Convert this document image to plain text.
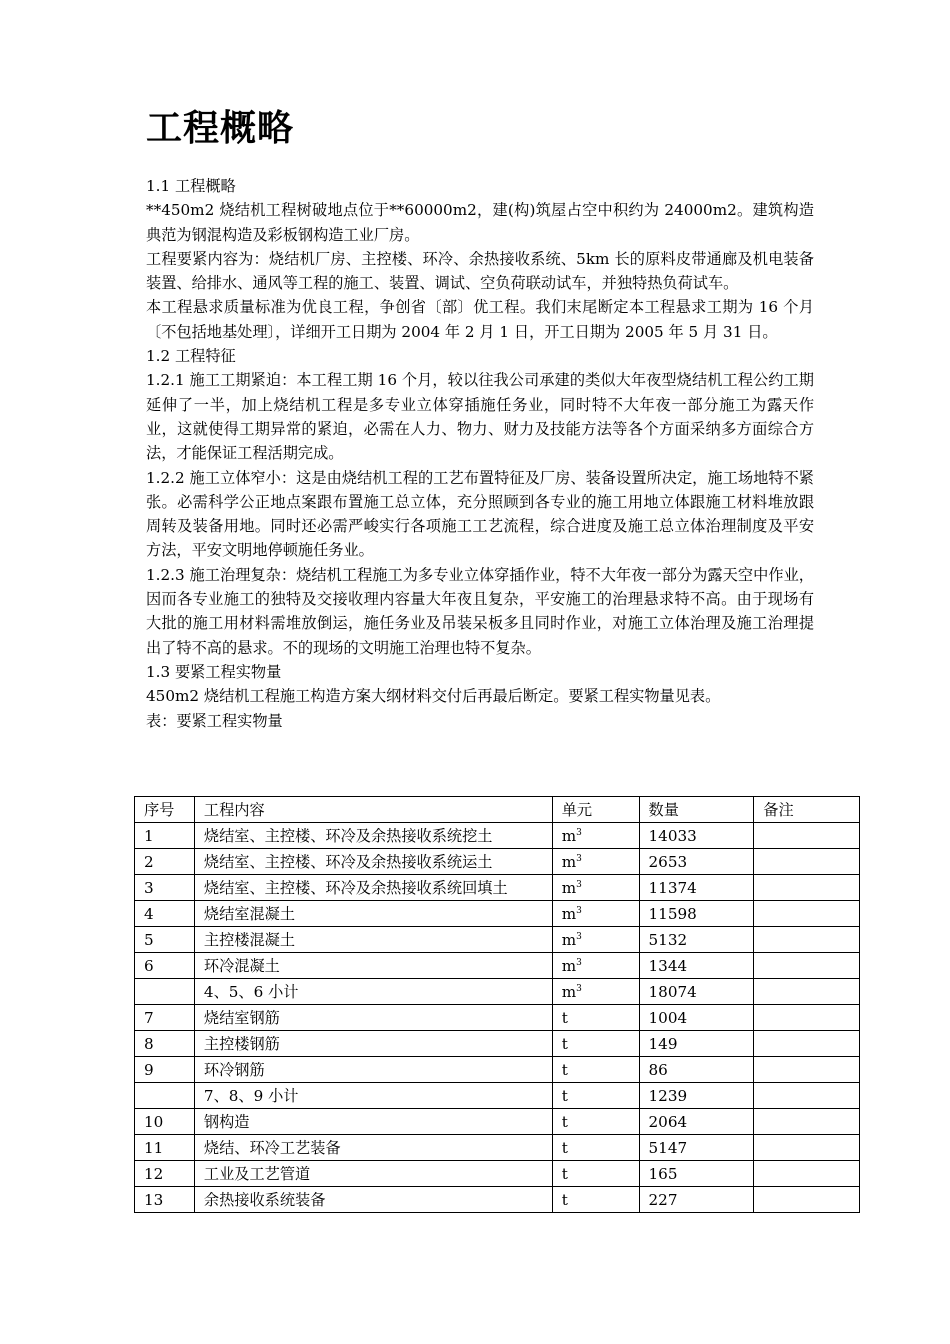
工程概略

1.1 工程概略

**450m2 烧结机工程树破地点位于**60000m2，建(构)筑屋占空中积约为 24000m2。建筑构造典范为钢混构造及彩板钢构造工业厂房。

工程要紧内容为：烧结机厂房、主控楼、环冷、余热接收系统、5km 长的原料皮带通廊及机电装备装置、给排水、通风等工程的施工、装置、调试、空负荷联动试车，并独特热负荷试车。

本工程悬求质量标准为优良工程，争创省〔部〕优工程。我们末尾断定本工程悬求工期为 16 个月〔不包括地基处理〕，详细开工日期为 2004 年 2 月 1 日，开工日期为 2005 年 5 月 31 日。

1.2 工程特征

1.2.1 施工工期紧迫：本工程工期 16 个月，较以往我公司承建的类似大年夜型烧结机工程公约工期延伸了一半，加上烧结机工程是多专业立体穿插施任务业，同时特不大年夜一部分施工为露天作业，这就使得工期异常的紧迫，必需在人力、物力、财力及技能方法等各个方面采纳多方面综合方法，才能保证工程活期完成。

1.2.2 施工立体窄小：这是由烧结机工程的工艺布置特征及厂房、装备设置所决定，施工场地特不紧张。必需科学公正地点案跟布置施工总立体，充分照顾到各专业的施工用地立体跟施工材料堆放跟周转及装备用地。同时还必需严峻实行各项施工工艺流程，综合进度及施工总立体治理制度及平安方法，平安文明地停顿施任务业。

1.2.3 施工治理复杂：烧结机工程施工为多专业立体穿插作业，特不大年夜一部分为露天空中作业，因而各专业施工的独特及交接收理内容量大年夜且复杂，平安施工的治理悬求特不高。由于现场有大批的施工用材料需堆放倒运，施任务业及吊装呆板多且同时作业，对施工立体治理及施工治理提出了特不高的悬求。不的现场的文明施工治理也特不复杂。

1.3 要紧工程实物量

450m2 烧结机工程施工构造方案大纲材料交付后再最后断定。要紧工程实物量见表。

表：要紧工程实物量

序号	工程内容	单元	数量	备注
1	烧结室、主控楼、环冷及余热接收系统挖土	$m^3$	14033	
2	烧结室、主控楼、环冷及余热接收系统运土	$m^3$	2653	
3	烧结室、主控楼、环冷及余热接收系统回填土	$m^3$	11374	
4	烧结室混凝土	$m^3$	11598	
5	主控楼混凝土	$m^3$	5132	
6	环冷混凝土	$m^3$	1344	
	4、5、6 小计	$m^3$	18074	
7	烧结室钢筋	t	1004	
8	主控楼钢筋	t	149	
9	环冷钢筋	t	86	
	7、8、9 小计	t	1239	
10	钢构造	t	2064	
11	烧结、环冷工艺装备	t	5147	
12	工业及工艺管道	t	165	
13	余热接收系统装备	t	227	
